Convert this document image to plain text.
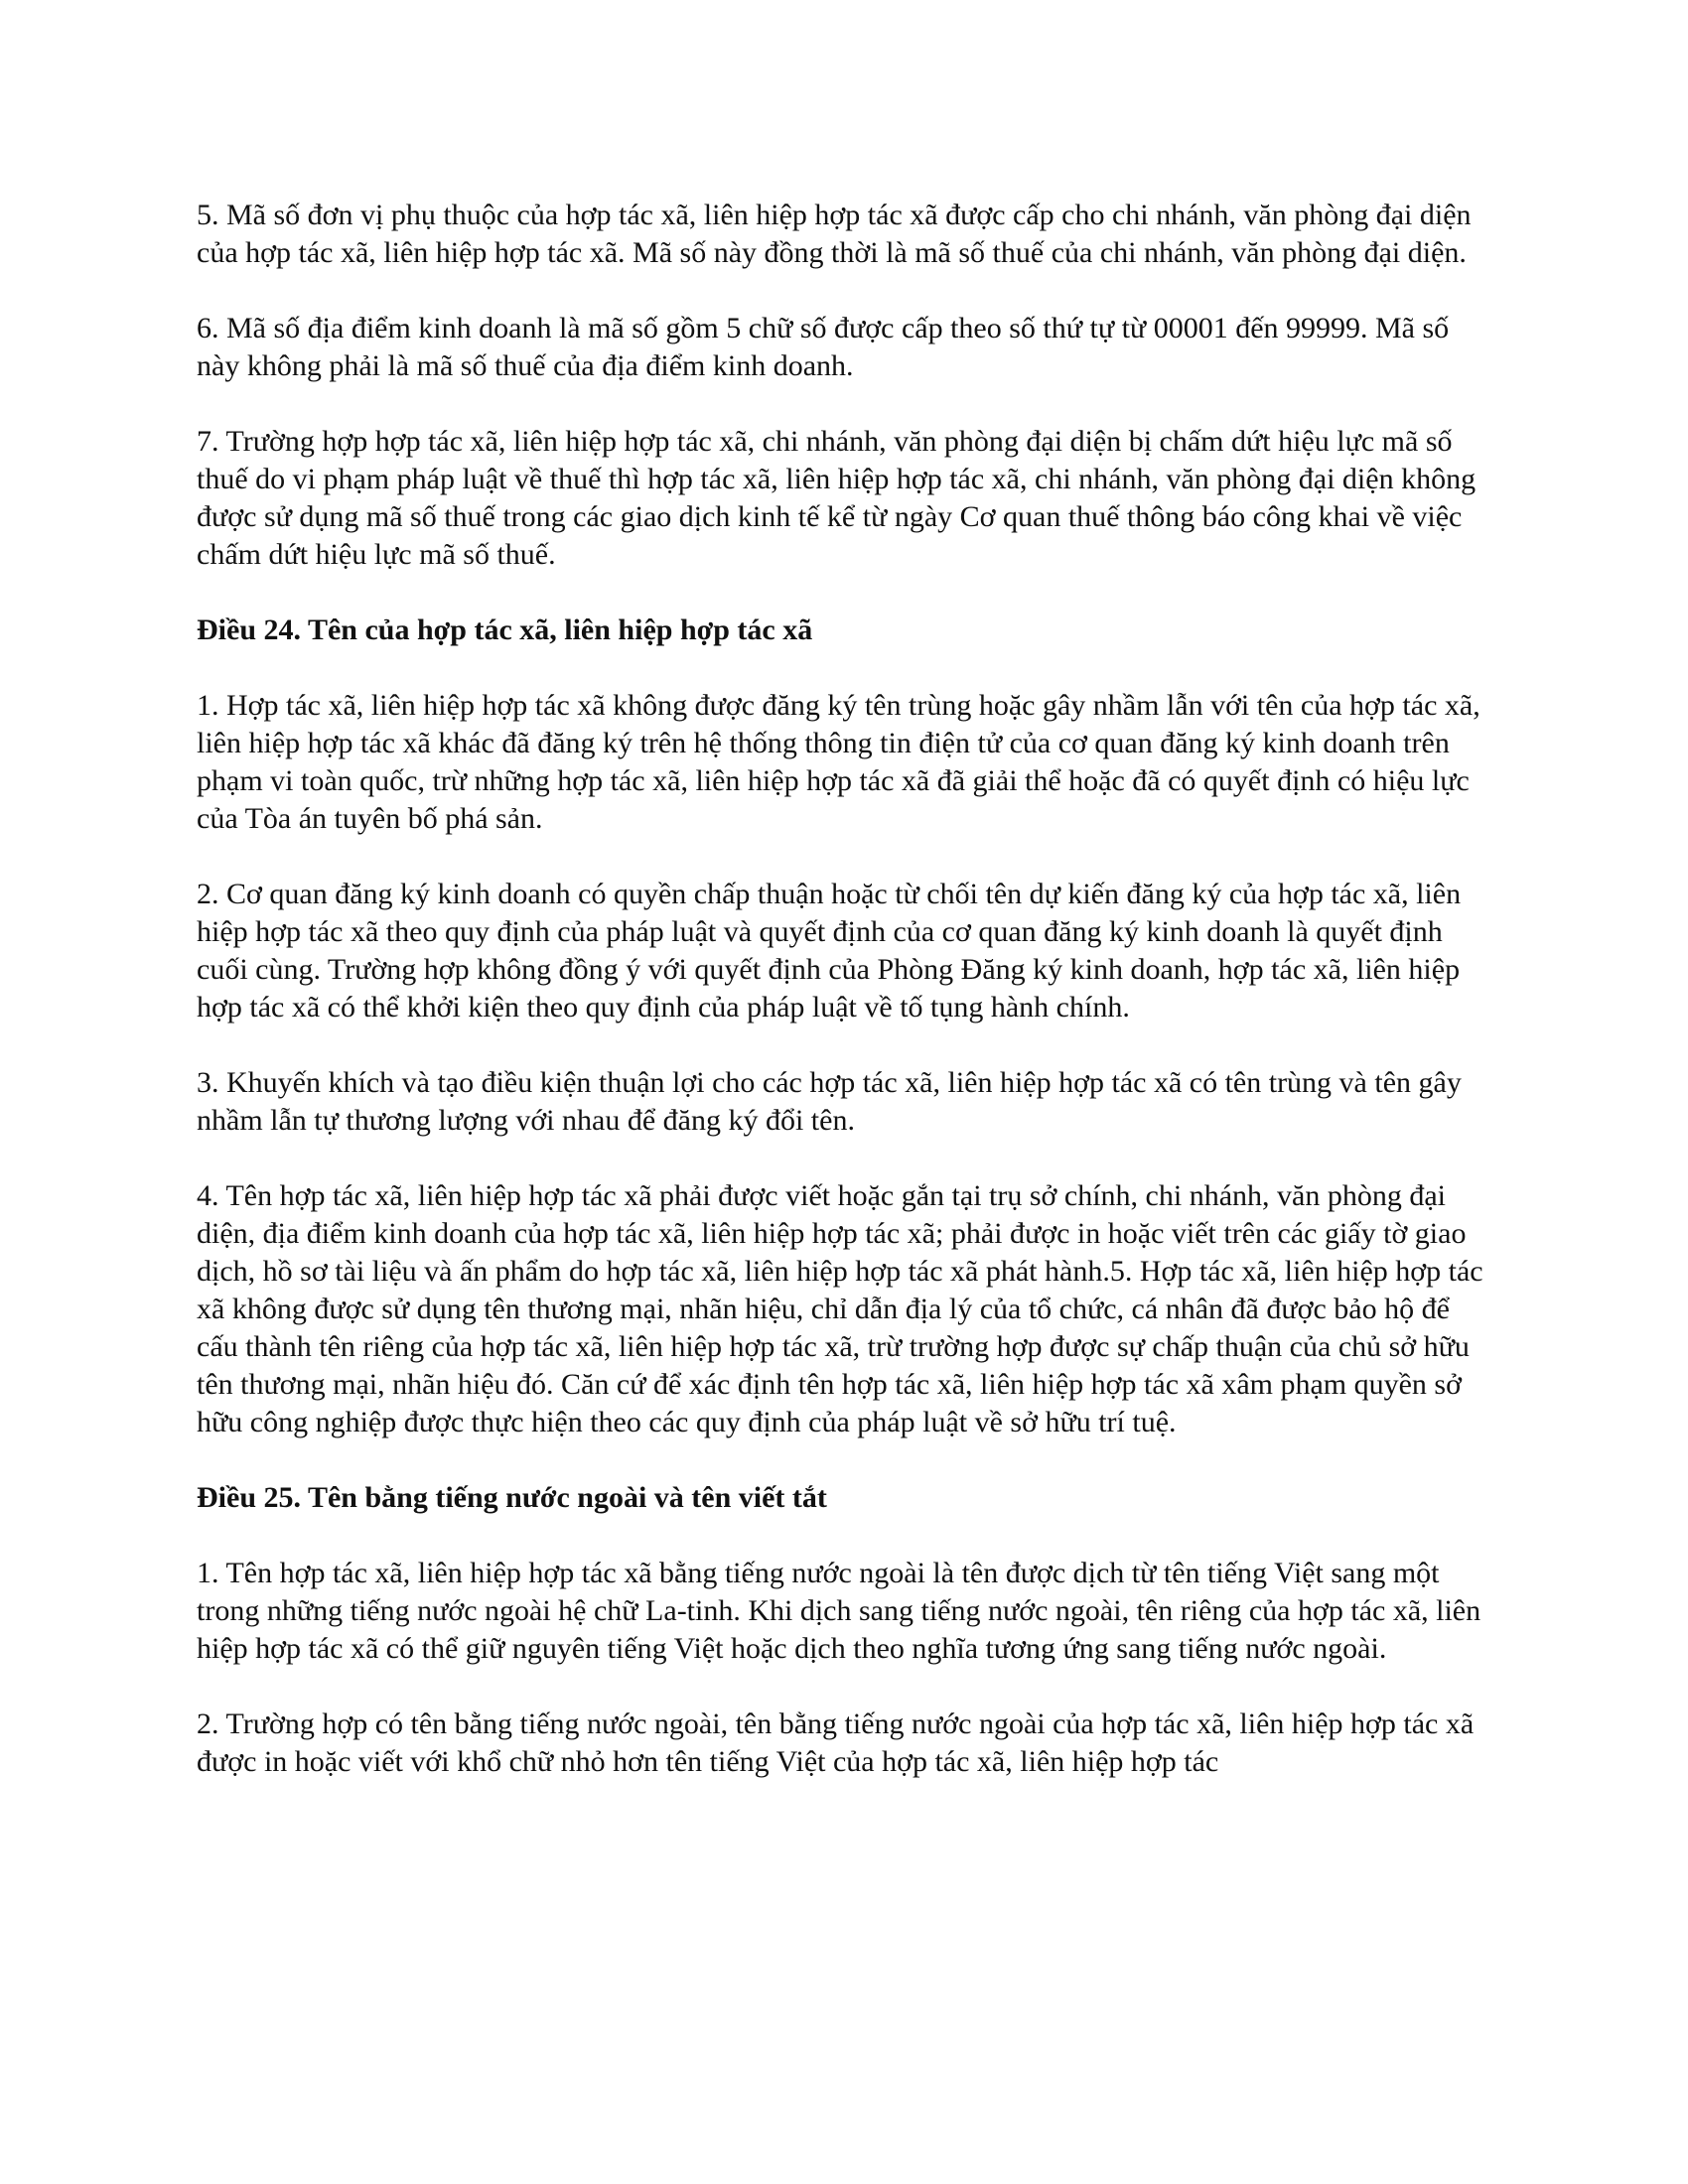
5. Mã số đơn vị phụ thuộc của hợp tác xã, liên hiệp hợp tác xã được cấp cho chi nhánh, văn phòng đại diện của hợp tác xã, liên hiệp hợp tác xã. Mã số này đồng thời là mã số thuế của chi nhánh, văn phòng đại diện.

6. Mã số địa điểm kinh doanh là mã số gồm 5 chữ số được cấp theo số thứ tự từ 00001 đến 99999. Mã số này không phải là mã số thuế của địa điểm kinh doanh.

7. Trường hợp hợp tác xã, liên hiệp hợp tác xã, chi nhánh, văn phòng đại diện bị chấm dứt hiệu lực mã số thuế do vi phạm pháp luật về thuế thì hợp tác xã, liên hiệp hợp tác xã, chi nhánh, văn phòng đại diện không được sử dụng mã số thuế trong các giao dịch kinh tế kể từ ngày Cơ quan thuế thông báo công khai về việc chấm dứt hiệu lực mã số thuế.

Điều 24. Tên của hợp tác xã, liên hiệp hợp tác xã

1. Hợp tác xã, liên hiệp hợp tác xã không được đăng ký tên trùng hoặc gây nhầm lẫn với tên của hợp tác xã, liên hiệp hợp tác xã khác đã đăng ký trên hệ thống thông tin điện tử của cơ quan đăng ký kinh doanh trên phạm vi toàn quốc, trừ những hợp tác xã, liên hiệp hợp tác xã đã giải thể hoặc đã có quyết định có hiệu lực của Tòa án tuyên bố phá sản.

2. Cơ quan đăng ký kinh doanh có quyền chấp thuận hoặc từ chối tên dự kiến đăng ký của hợp tác xã, liên hiệp hợp tác xã theo quy định của pháp luật và quyết định của cơ quan đăng ký kinh doanh là quyết định cuối cùng. Trường hợp không đồng ý với quyết định của Phòng Đăng ký kinh doanh, hợp tác xã, liên hiệp hợp tác xã có thể khởi kiện theo quy định của pháp luật về tố tụng hành chính.

3. Khuyến khích và tạo điều kiện thuận lợi cho các hợp tác xã, liên hiệp hợp tác xã có tên trùng và tên gây nhầm lẫn tự thương lượng với nhau để đăng ký đổi tên.

4. Tên hợp tác xã, liên hiệp hợp tác xã phải được viết hoặc gắn tại trụ sở chính, chi nhánh, văn phòng đại diện, địa điểm kinh doanh của hợp tác xã, liên hiệp hợp tác xã; phải được in hoặc viết trên các giấy tờ giao dịch, hồ sơ tài liệu và ấn phẩm do hợp tác xã, liên hiệp hợp tác xã phát hành.5. Hợp tác xã, liên hiệp hợp tác xã không được sử dụng tên thương mại, nhãn hiệu, chỉ dẫn địa lý của tổ chức, cá nhân đã được bảo hộ để cấu thành tên riêng của hợp tác xã, liên hiệp hợp tác xã, trừ trường hợp được sự chấp thuận của chủ sở hữu tên thương mại, nhãn hiệu đó. Căn cứ để xác định tên hợp tác xã, liên hiệp hợp tác xã xâm phạm quyền sở hữu công nghiệp được thực hiện theo các quy định của pháp luật về sở hữu trí tuệ.

Điều 25. Tên bằng tiếng nước ngoài và tên viết tắt

1. Tên hợp tác xã, liên hiệp hợp tác xã bằng tiếng nước ngoài là tên được dịch từ tên tiếng Việt sang một trong những tiếng nước ngoài hệ chữ La-tinh. Khi dịch sang tiếng nước ngoài, tên riêng của hợp tác xã, liên hiệp hợp tác xã có thể giữ nguyên tiếng Việt hoặc dịch theo nghĩa tương ứng sang tiếng nước ngoài.

2. Trường hợp có tên bằng tiếng nước ngoài, tên bằng tiếng nước ngoài của hợp tác xã, liên hiệp hợp tác xã được in hoặc viết với khổ chữ nhỏ hơn tên tiếng Việt của hợp tác xã, liên hiệp hợp tác
